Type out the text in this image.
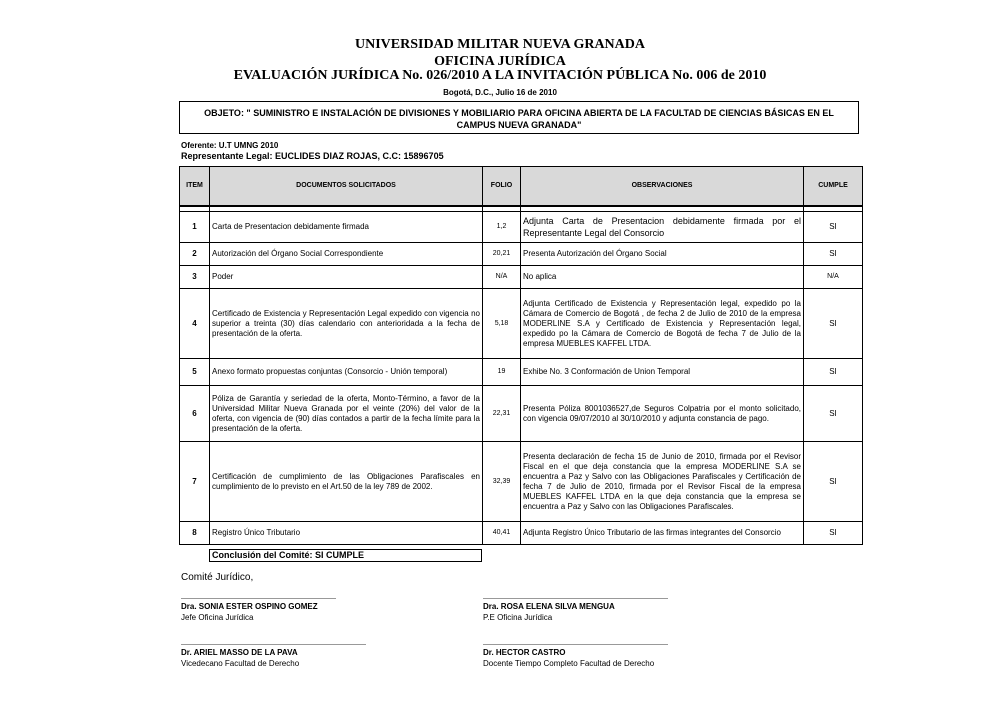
UNIVERSIDAD MILITAR NUEVA GRANADA
OFICINA JURÍDICA
EVALUACIÓN JURÍDICA No. 026/2010 A LA INVITACIÓN PÚBLICA No. 006 de 2010
Bogotá, D.C., Julio 16 de 2010
OBJETO: " SUMINISTRO E INSTALACIÓN DE DIVISIONES Y MOBILIARIO PARA OFICINA ABIERTA DE LA FACULTAD DE CIENCIAS BÁSICAS EN EL CAMPUS NUEVA GRANADA"
Oferente: U.T UMNG 2010
Representante Legal: EUCLIDES DIAZ ROJAS, C.C: 15896705
ITEM	DOCUMENTOS SOLICITADOS	FOLIO	OBSERVACIONES	CUMPLE

1	Carta de Presentacion debidamente firmada	1,2	Adjunta Carta de Presentacion debidamente firmada por el Representante Legal del Consorcio	SI
2	Autorización del Órgano Social Correspondiente	20,21	Presenta Autorización del Órgano Social	SI
3	Poder	N/A	No aplica	N/A
4	Certificado de Existencia y Representación Legal expedido con vigencia no superior a treinta (30) días calendario con anterioridada a la fecha de presentación de la oferta.	5,18	Adjunta Certificado de Existencia y Representación legal, expedido po la Cámara de Comercio de Bogotá , de fecha 2 de Julio de 2010 de la empresa MODERLINE S.A y Certificado de Existencia y Representación legal, expedido po la Cámara de Comercio de Bogotá de fecha 7 de Julio de la empresa MUEBLES KAFFEL LTDA.	SI
5	Anexo formato propuestas conjuntas (Consorcio - Unión temporal)	19	Exhibe No. 3 Conformación de Union Temporal	SI
6	Póliza de Garantía y seriedad de la oferta, Monto-Término, a favor de la Universidad Militar Nueva Granada por el veinte (20%) del valor de la oferta, con vigencia de (90) días contados a partir de la fecha límite para la presentación de la oferta.	22,31	Presenta Póliza 8001036527,de Seguros Colpatria por el monto solicitado, con vigencia 09/07/2010 al 30/10/2010 y adjunta constancia de pago.	SI
7	Certificación de cumplimiento de las Obligaciones Parafiscales en cumplimiento de lo previsto en el Art.50 de la ley 789 de 2002.	32,39	Presenta declaración de fecha 15 de Junio de 2010, firmada por el Revisor Fiscal en el que deja constancia que la empresa MODERLINE S.A se encuentra a Paz y Salvo con las Obligaciones Parafiscales y Certificación de fecha 7 de Julio de 2010, firmada por el Revisor Fiscal de la empresa MUEBLES KAFFEL LTDA en la que deja constancia que la empresa se encuentra a Paz y Salvo con las Obligaciones Parafiscales.	SI
8	Registro Único Tributario	40,41	Adjunta Registro Único Tributario de las firmas integrantes del Consorcio	SI
Conclusión del Comité: SI CUMPLE
Comité Jurídico,
Dra. SONIA ESTER OSPINO GOMEZ
Jefe Oficina Jurídica
Dra. ROSA ELENA SILVA MENGUA
P.E Oficina Jurídica
Dr. ARIEL MASSO DE LA PAVA
Vicedecano Facultad de Derecho
Dr. HECTOR CASTRO
Docente Tiempo Completo Facultad de Derecho
